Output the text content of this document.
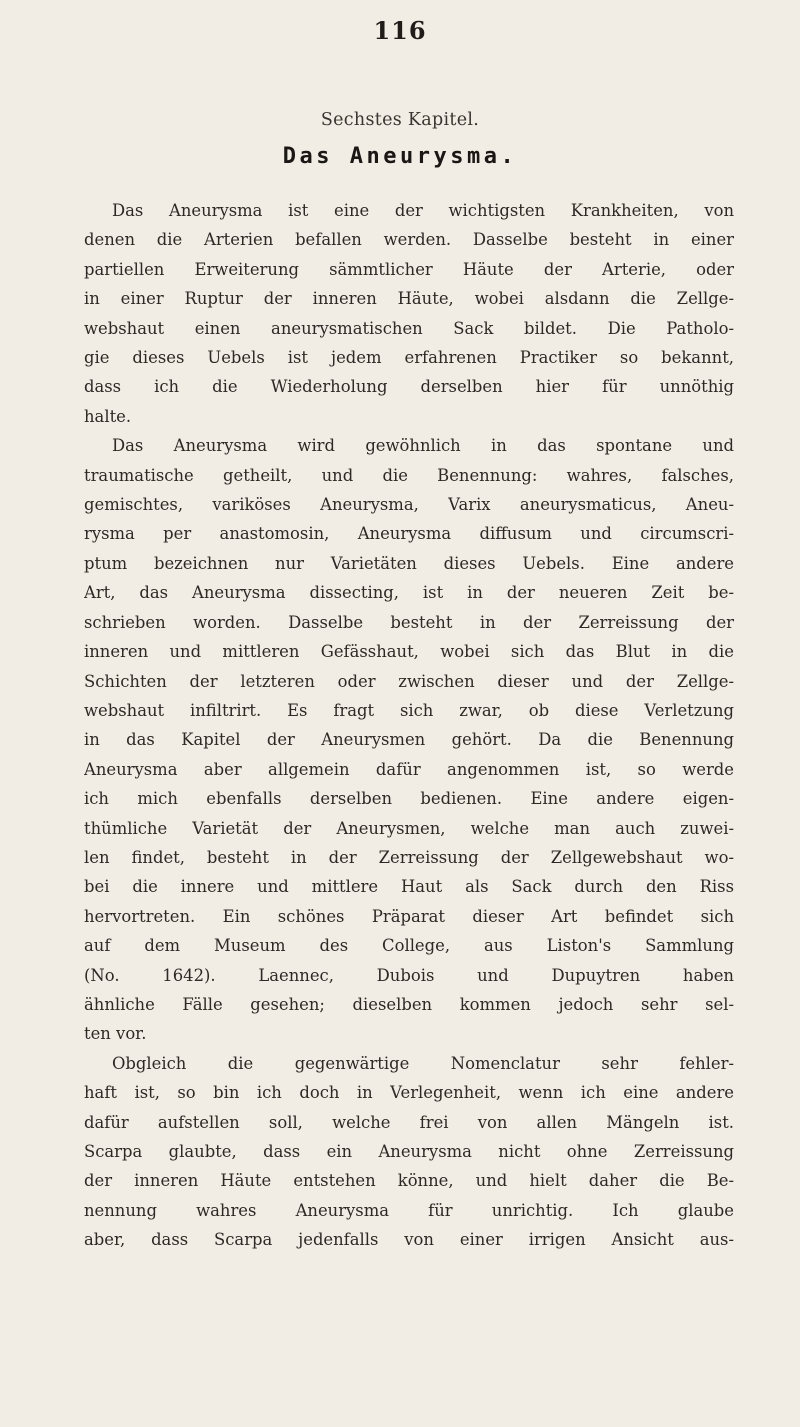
116
Sechstes Kapitel.
Das Aneurysma.
Das Aneurysma ist eine der wichtigsten Krankheiten, von
denen die Arterien befallen werden. Dasselbe besteht in einer
partiellen Erweiterung sämmtlicher Häute der Arterie, oder
in einer Ruptur der inneren Häute, wobei alsdann die Zellge-
webshaut einen aneurysmatischen Sack bildet. Die Patholo-
gie dieses Uebels ist jedem erfahrenen Practiker so bekannt,
dass ich die Wiederholung derselben hier für unnöthig
halte.
Das Aneurysma wird gewöhnlich in das spontane und
traumatische getheilt, und die Benennung: wahres, falsches,
gemischtes, variköses Aneurysma, Varix aneurysmaticus, Aneu-
rysma per anastomosin, Aneurysma diffusum und circumscri-
ptum bezeichnen nur Varietäten dieses Uebels. Eine andere
Art, das Aneurysma dissecting, ist in der neueren Zeit be-
schrieben worden. Dasselbe besteht in der Zerreissung der
inneren und mittleren Gefässhaut, wobei sich das Blut in die
Schichten der letzteren oder zwischen dieser und der Zellge-
webshaut infiltrirt. Es fragt sich zwar, ob diese Verletzung
in das Kapitel der Aneurysmen gehört. Da die Benennung
Aneurysma aber allgemein dafür angenommen ist, so werde
ich mich ebenfalls derselben bedienen. Eine andere eigen-
thümliche Varietät der Aneurysmen, welche man auch zuwei-
len findet, besteht in der Zerreissung der Zellgewebshaut wo-
bei die innere und mittlere Haut als Sack durch den Riss
hervortreten. Ein schönes Präparat dieser Art befindet sich
auf dem Museum des College, aus Liston's Sammlung
(No. 1642). Laennec, Dubois und Dupuytren haben
ähnliche Fälle gesehen; dieselben kommen jedoch sehr sel-
ten vor.
Obgleich die gegenwärtige Nomenclatur sehr fehler-
haft ist, so bin ich doch in Verlegenheit, wenn ich eine andere
dafür aufstellen soll, welche frei von allen Mängeln ist.
Scarpa glaubte, dass ein Aneurysma nicht ohne Zerreissung
der inneren Häute entstehen könne, und hielt daher die Be-
nennung wahres Aneurysma für unrichtig. Ich glaube
aber, dass Scarpa jedenfalls von einer irrigen Ansicht aus-
